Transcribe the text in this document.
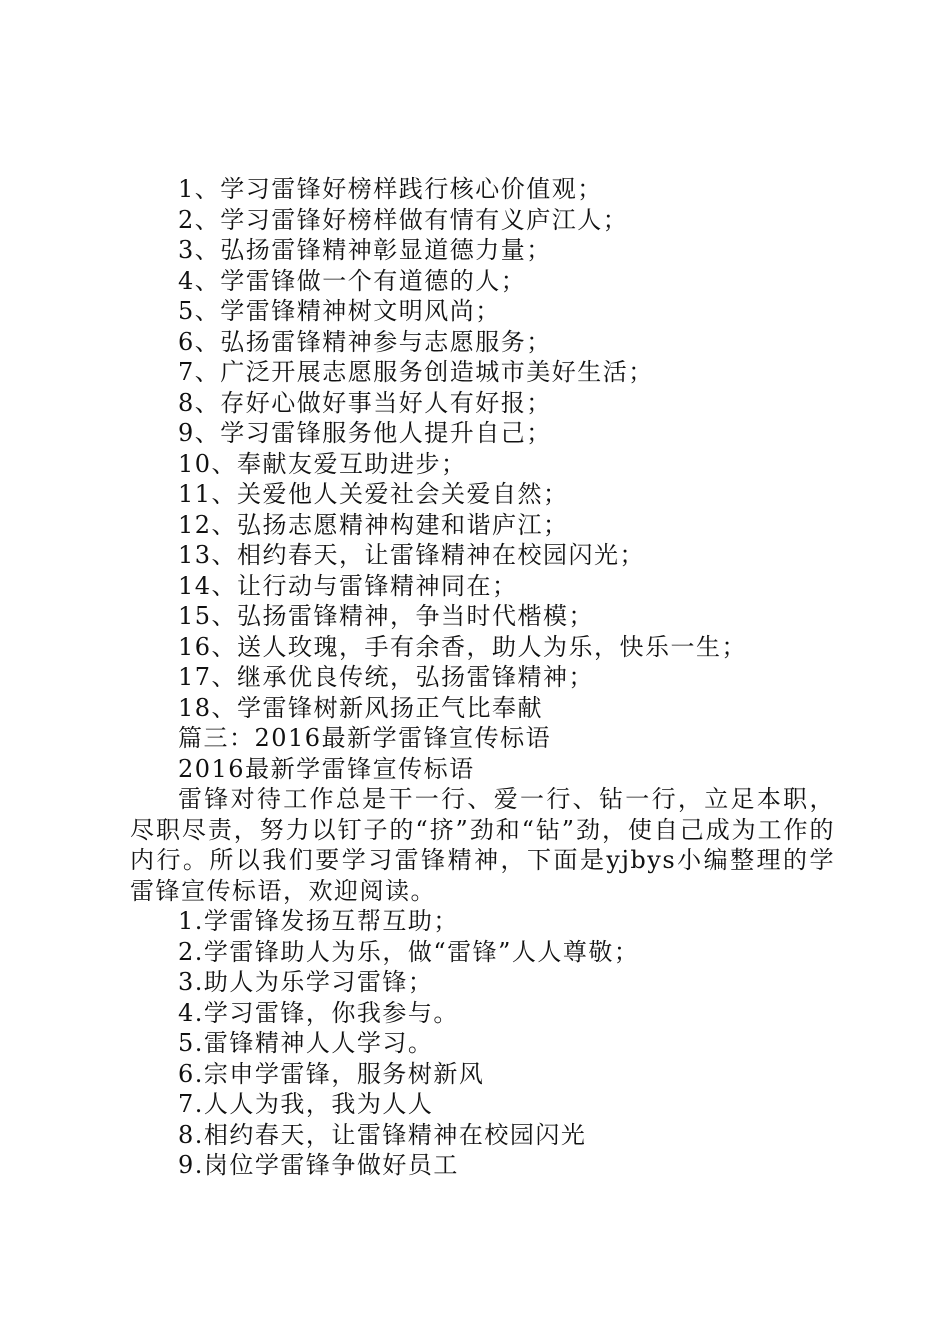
1、学习雷锋好榜样践行核心价值观；

2、学习雷锋好榜样做有情有义庐江人；

3、弘扬雷锋精神彰显道德力量；

4、学雷锋做一个有道德的人；

5、学雷锋精神树文明风尚；

6、弘扬雷锋精神参与志愿服务；

7、广泛开展志愿服务创造城市美好生活；

8、存好心做好事当好人有好报；

9、学习雷锋服务他人提升自己；

10、奉献友爱互助进步；

11、关爱他人关爱社会关爱自然；

12、弘扬志愿精神构建和谐庐江；

13、相约春天，让雷锋精神在校园闪光；

14、让行动与雷锋精神同在；

15、弘扬雷锋精神，争当时代楷模；

16、送人玫瑰，手有余香，助人为乐，快乐一生；

17、继承优良传统，弘扬雷锋精神；

18、学雷锋树新风扬正气比奉献

篇三：2016最新学雷锋宣传标语

2016最新学雷锋宣传标语

雷锋对待工作总是干一行、爱一行、钻一行，立足本职，尽职尽责，努力以钉子的“挤”劲和“钻”劲，使自己成为工作的内行。所以我们要学习雷锋精神，下面是yjbys小编整理的学雷锋宣传标语，欢迎阅读。

1.学雷锋发扬互帮互助；

2.学雷锋助人为乐，做“雷锋”人人尊敬；

3.助人为乐学习雷锋；

4.学习雷锋，你我参与。

5.雷锋精神人人学习。

6.宗申学雷锋，服务树新风

7.人人为我，我为人人

8.相约春天，让雷锋精神在校园闪光

9.岗位学雷锋争做好员工
